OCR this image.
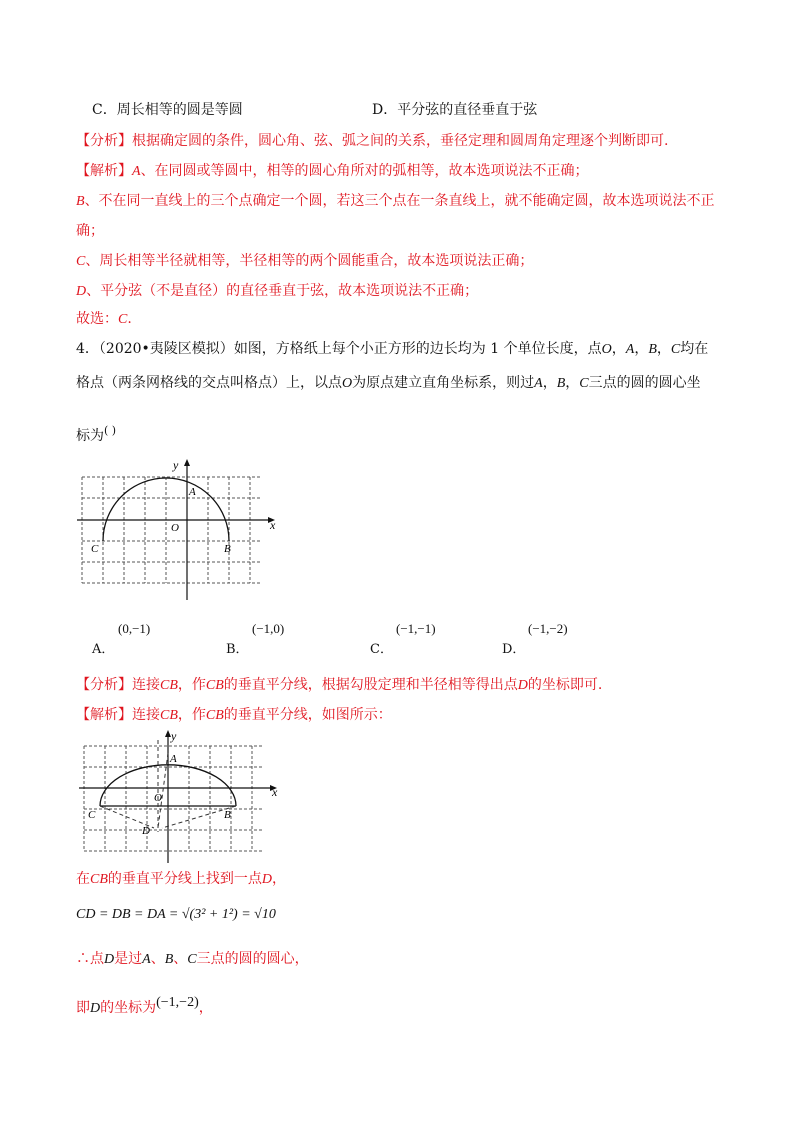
C．周长相等的圆是等圆	D．平分弦的直径垂直于弦
【分析】根据确定圆的条件，圆心角、弦、弧之间的关系，垂径定理和圆周角定理逐个判断即可.
【解析】A、在同圆或等圆中，相等的圆心角所对的弧相等，故本选项说法不正确；
B、不在同一直线上的三个点确定一个圆，若这三个点在一条直线上，就不能确定圆，故本选项说法不正
确；
C、周长相等半径就相等，半径相等的两个圆能重合，故本选项说法正确；
D、平分弦（不是直径）的直径垂直于弦，故本选项说法不正确；
故选：C.
4．（2020•夷陵区模拟）如图，方格纸上每个小正方形的边长均为 1 个单位长度，点O，A，B，C均在
格点（两条网格线的交点叫格点）上，以点O为原点建立直角坐标系，则过A，B，C三点的圆的圆心坐
标为( )
x
y
A
O
C	B
(0,−1)
A．
(−1,0)
B．
(−1,−1)
C．
(−1,−2)
D．
【分析】连接CB，作CB的垂直平分线，根据勾股定理和半径相等得出点D的坐标即可.
【解析】连接CB，作CB的垂直平分线，如图所示：
x
y
A
O
C	B
D
在CB的垂直平分线上找到一点D，
CD = DB = DA = √(3² + 1²) = √10
∴点D是过A、B、C三点的圆的圆心，
即D的坐标为(−1,−2)，
